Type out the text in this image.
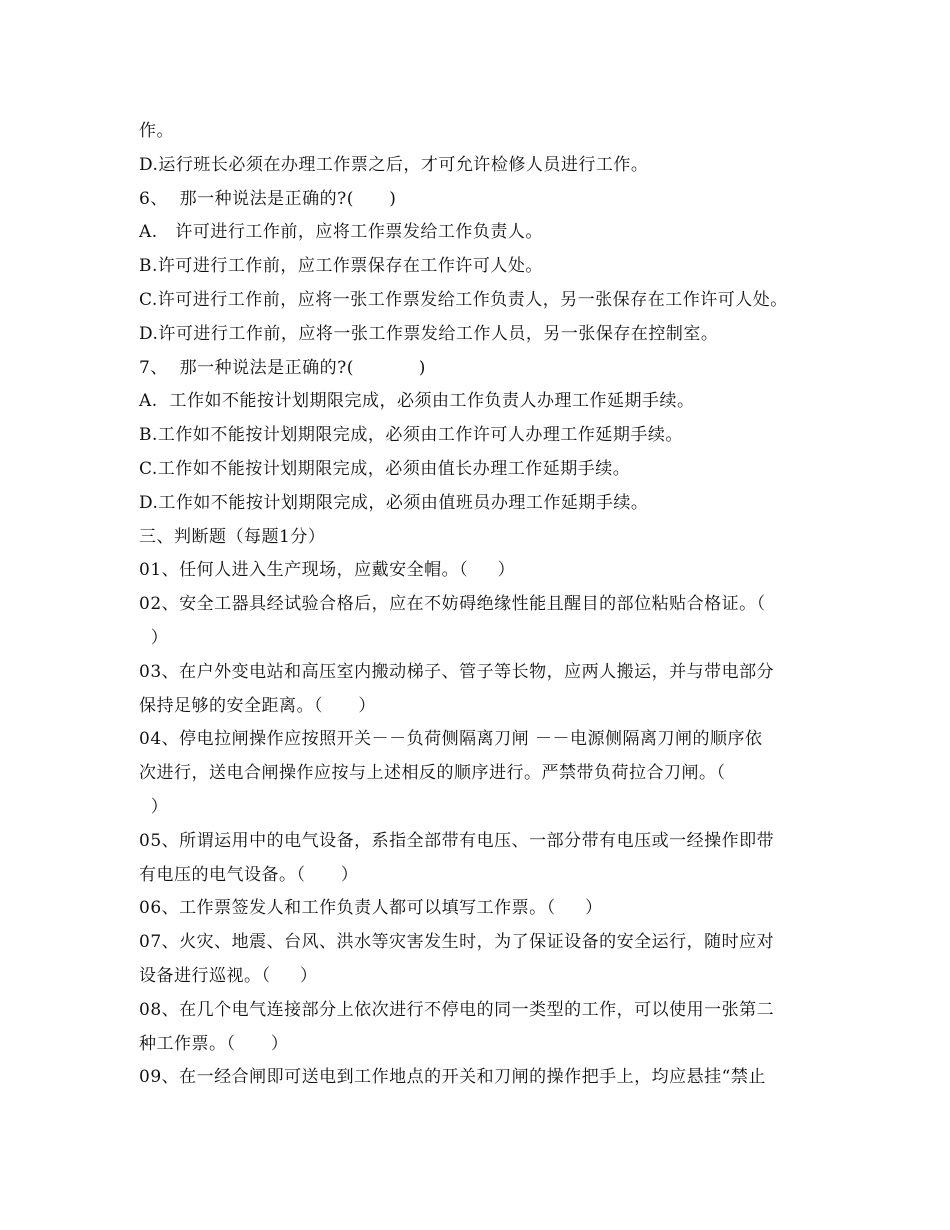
作。
D.运行班长必须在办理工作票之后，才可允许检修人员进行工作。
6、  那一种说法是正确的?(      )
A.   许可进行工作前，应将工作票发给工作负责人。
B.许可进行工作前，应工作票保存在工作许可人处。
C.许可进行工作前，应将一张工作票发给工作负责人，另一张保存在工作许可人处。
D.许可进行工作前，应将一张工作票发给工作人员，另一张保存在控制室。
7、  那一种说法是正确的?(           )
A.  工作如不能按计划期限完成，必须由工作负责人办理工作延期手续。
B.工作如不能按计划期限完成，必须由工作许可人办理工作延期手续。
C.工作如不能按计划期限完成，必须由值长办理工作延期手续。
D.工作如不能按计划期限完成，必须由值班员办理工作延期手续。
三、判断题（每题1分）
01、任何人进入生产现场，应戴安全帽。（     ）
02、安全工器具经试验合格后，应在不妨碍绝缘性能且醒目的部位粘贴合格证。（
）
03、在户外变电站和高压室内搬动梯子、管子等长物，应两人搬运，并与带电部分
保持足够的安全距离。（      ）
04、停电拉闸操作应按照开关－－负荷侧隔离刀闸 －－电源侧隔离刀闸的顺序依
次进行，送电合闸操作应按与上述相反的顺序进行。严禁带负荷拉合刀闸。（
）
05、所谓运用中的电气设备，系指全部带有电压、一部分带有电压或一经操作即带
有电压的电气设备。（      ）
06、工作票签发人和工作负责人都可以填写工作票。（     ）
07、火灾、地震、台风、洪水等灾害发生时，为了保证设备的安全运行，随时应对
设备进行巡视。（     ）
08、在几个电气连接部分上依次进行不停电的同一类型的工作，可以使用一张第二
种工作票。（      ）
09、在一经合闸即可送电到工作地点的开关和刀闸的操作把手上，均应悬挂“禁止
